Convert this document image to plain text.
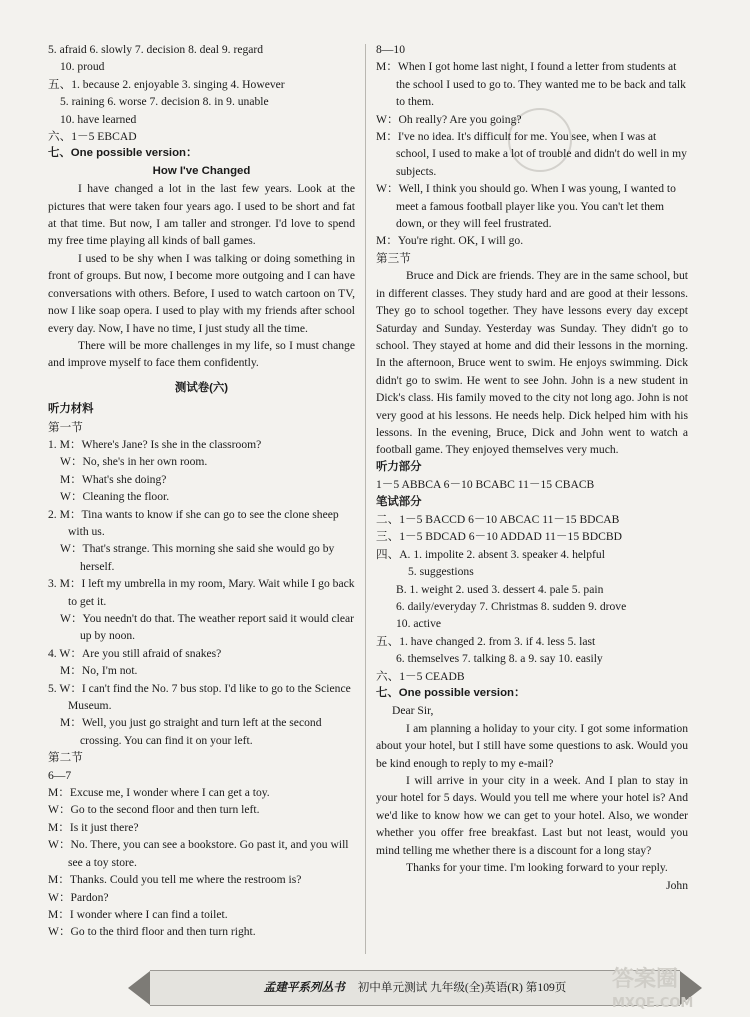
5. afraid 6. slowly 7. decision 8. deal 9. regard

10. proud

五、1. because 2. enjoyable 3. singing 4. However

5. raining 6. worse 7. decision 8. in 9. unable

10. have learned

六、1－5 EBCAD

七、One possible version：

How I've Changed

I have changed a lot in the last few years. Look at the pictures that were taken four years ago. I used to be short and fat at that time. But now, I am taller and stronger. I'd love to spend my free time playing all kinds of ball games.

I used to be shy when I was talking or doing something in front of groups. But now, I become more outgoing and I can have conversations with others. Before, I used to watch cartoon on TV, now I like soap opera. I used to play with my friends after school every day. Now, I have no time, I just study all the time.

There will be more challenges in my life, so I must change and improve myself to face them confidently.

测试卷(六)

听力材料

第一节

1. M：Where's Jane? Is she in the classroom?

W：No, she's in her own room.

M：What's she doing?

W：Cleaning the floor.

2. M：Tina wants to know if she can go to see the clone sheep with us.

W：That's strange. This morning she said she would go by herself.

3. M：I left my umbrella in my room, Mary. Wait while I go back to get it.

W：You needn't do that. The weather report said it would clear up by noon.

4. W：Are you still afraid of snakes?

M：No, I'm not.

5. W：I can't find the No. 7 bus stop. I'd like to go to the Science Museum.

M：Well, you just go straight and turn left at the second crossing. You can find it on your left.

第二节

6—7

M：Excuse me, I wonder where I can get a toy.

W：Go to the second floor and then turn left.

M：Is it just there?

W：No. There, you can see a bookstore. Go past it, and you will see a toy store.

M：Thanks. Could you tell me where the restroom is?

W：Pardon?

M：I wonder where I can find a toilet.

W：Go to the third floor and then turn right.

8—10

M：When I got home last night, I found a letter from students at the school I used to go to. They wanted me to be back and talk to them.

W：Oh really? Are you going?

M：I've no idea. It's difficult for me. You see, when I was at school, I used to make a lot of trouble and didn't do well in my subjects.

W：Well, I think you should go. When I was young, I wanted to meet a famous football player like you. You can't let them down, or they will feel frustrated.

M：You're right. OK, I will go.

第三节

Bruce and Dick are friends. They are in the same school, but in different classes. They study hard and are good at their lessons. They go to school together. They have lessons every day except Saturday and Sunday. Yesterday was Sunday. They didn't go to school. They stayed at home and did their lessons in the morning. In the afternoon, Bruce went to swim. He enjoys swimming. Dick didn't go to swim. He went to see John. John is a new student in Dick's class. His family moved to the city not long ago. John is not very good at his lessons. He needs help. Dick helped him with his lessons. In the evening, Bruce, Dick and John went to watch a football game. They enjoyed themselves very much.

听力部分

1－5 ABBCA 6－10 BCABC 11－15 CBACB

笔试部分

二、1－5 BACCD 6－10 ABCAC 11－15 BDCAB

三、1－5 BDCAD 6－10 ADDAD 11－15 BDCBD

四、A. 1. impolite 2. absent 3. speaker 4. helpful

5. suggestions

B. 1. weight 2. used 3. dessert 4. pale 5. pain

6. daily/everyday 7. Christmas 8. sudden 9. drove

10. active

五、1. have changed 2. from 3. if 4. less 5. last

6. themselves 7. talking 8. a 9. say 10. easily

六、1－5 CEADB

七、One possible version：

Dear Sir,

I am planning a holiday to your city. I got some information about your hotel, but I still have some questions to ask. Would you be kind enough to reply to my e-mail?

I will arrive in your city in a week. And I plan to stay in your hotel for 5 days. Would you tell me where your hotel is? And we'd like to know how we can get to your hotel. Also, we wonder whether you offer free breakfast. Last but not least, would you mind telling me whether there is a discount for a long stay?

Thanks for your time. I'm looking forward to your reply.

John

孟建平系列丛书 初中单元测试 九年级(全)英语(R) 第109页	答案圈
MXQE.COM
